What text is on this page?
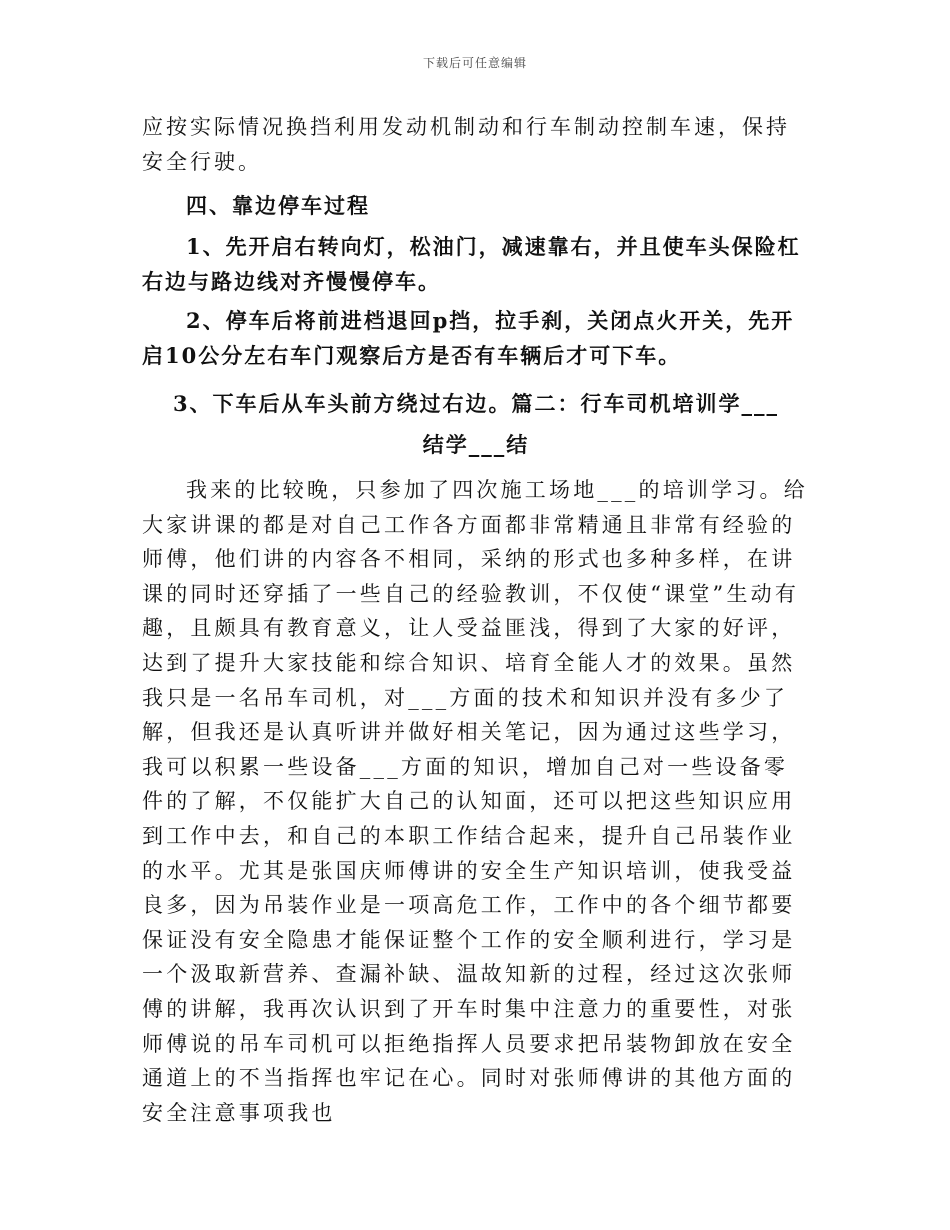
下载后可任意编辑

应按实际情况换挡利用发动机制动和行车制动控制车速，保持安全行驶。

四、靠边停车过程

1、先开启右转向灯，松油门，减速靠右，并且使车头保险杠右边与路边线对齐慢慢停车。

2、停车后将前进档退回p挡，拉手刹，关闭点火开关，先开启10公分左右车门观察后方是否有车辆后才可下车。

3、下车后从车头前方绕过右边。篇二：行车司机培训学___结学___结

我来的比较晚，只参加了四次施工场地___的培训学习。给大家讲课的都是对自己工作各方面都非常精通且非常有经验的师傅，他们讲的内容各不相同，采纳的形式也多种多样，在讲课的同时还穿插了一些自己的经验教训，不仅使“课堂”生动有趣，且颇具有教育意义，让人受益匪浅，得到了大家的好评，达到了提升大家技能和综合知识、培育全能人才的效果。虽然我只是一名吊车司机，对___方面的技术和知识并没有多少了解，但我还是认真听讲并做好相关笔记，因为通过这些学习，我可以积累一些设备___方面的知识，增加自己对一些设备零件的了解，不仅能扩大自己的认知面，还可以把这些知识应用到工作中去，和自己的本职工作结合起来，提升自己吊装作业的水平。尤其是张国庆师傅讲的安全生产知识培训，使我受益良多，因为吊装作业是一项高危工作，工作中的各个细节都要保证没有安全隐患才能保证整个工作的安全顺利进行，学习是一个汲取新营养、查漏补缺、温故知新的过程，经过这次张师傅的讲解，我再次认识到了开车时集中注意力的重要性，对张师傅说的吊车司机可以拒绝指挥人员要求把吊装物卸放在安全通道上的不当指挥也牢记在心。同时对张师傅讲的其他方面的安全注意事项我也
